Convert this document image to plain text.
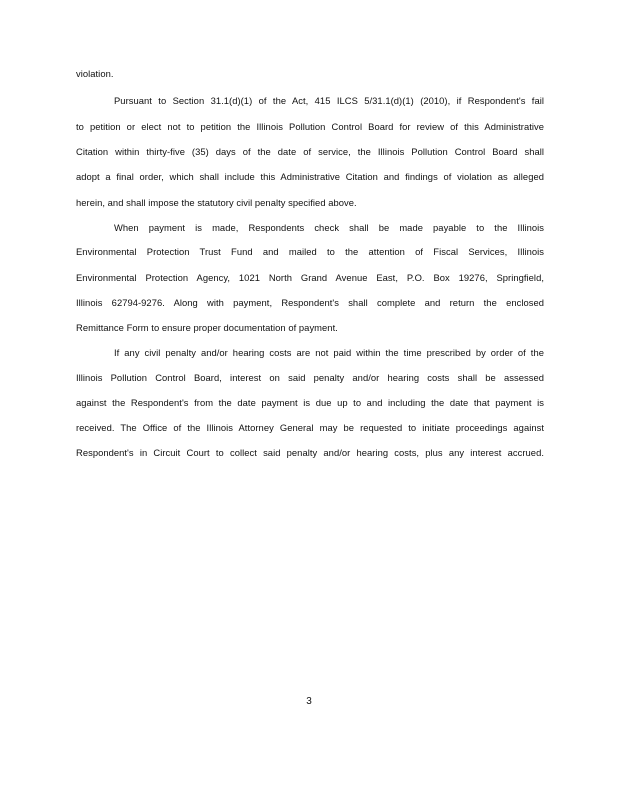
violation.
Pursuant to Section 31.1(d)(1) of the Act, 415 ILCS 5/31.1(d)(1) (2010), if Respondent's fail
to petition or elect not to petition the Illinois Pollution Control Board for review of this Administrative
Citation within thirty-five (35) days of the date of service, the Illinois Pollution Control Board shall
adopt a final order, which shall include this Administrative Citation and findings of violation as alleged
herein, and shall impose the statutory civil penalty specified above.
When payment is made, Respondents check shall be made payable to the Illinois
Environmental Protection Trust Fund and mailed to the attention of Fiscal Services, Illinois
Environmental Protection Agency, 1021 North Grand Avenue East, P.O. Box 19276, Springfield,
Illinois 62794-9276. Along with payment, Respondent's shall complete and return the enclosed
Remittance Form to ensure proper documentation of payment.
If any civil penalty and/or hearing costs are not paid within the time prescribed by order of the
Illinois Pollution Control Board, interest on said penalty and/or hearing costs shall be assessed
against the Respondent's from the date payment is due up to and including the date that payment is
received. The Office of the Illinois Attorney General may be requested to initiate proceedings against
Respondent's in Circuit Court to collect said penalty and/or hearing costs, plus any interest accrued.
3
